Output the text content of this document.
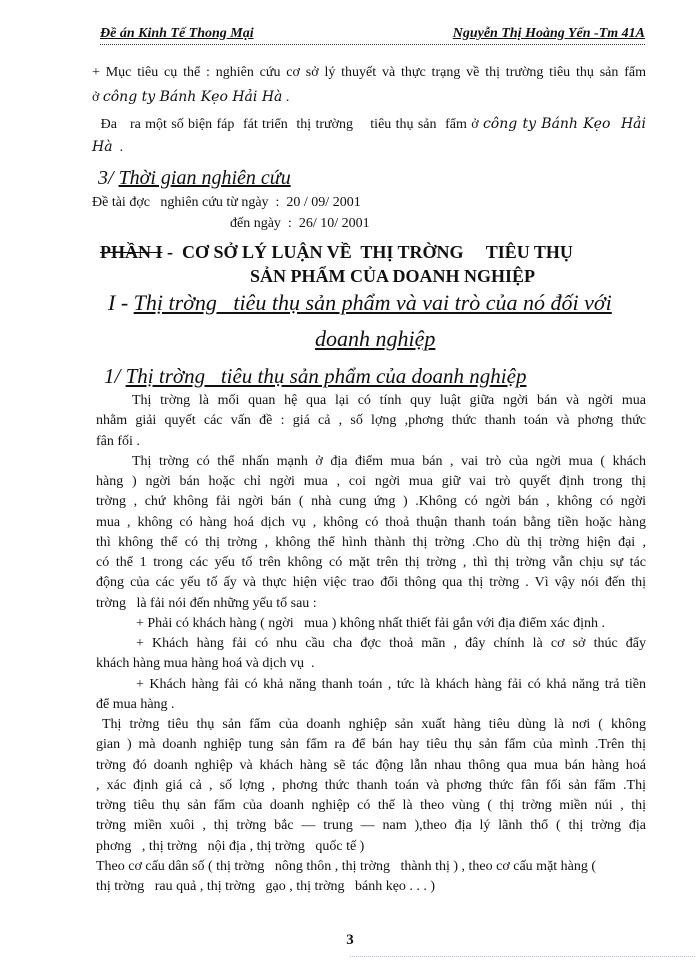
Đề án Kinh Tế Thong Mại	Nguyễn Thị Hoàng Yến -Tm 41A
+ Mục tiêu cụ thể : nghiên cứu cơ sở lý thuyết và thực trạng về thị trường tiêu thụ sản fẩm
ở công ty Bánh Kẹo Hải Hà .
Đa   ra một số biện fáp  fát triển  thị trường    tiêu thụ sản  fẩm ở công ty Bánh Kẹo  Hải
Hà  .
3/ Thời gian nghiên cứu
Đề tài đợc   nghiên cứu từ ngày  :  20 / 09/ 2001
đến ngày  :  26/ 10/ 2001
PHẦN I -  CƠ SỞ LÝ LUẬN VỀ  THỊ TRỜNG     TIÊU THỤ
SẢN PHẨM CỦA DOANH NGHIỆP
I - Thị trờng   tiêu thụ sản phẩm và vai trò của nó đối với
doanh nghiệp
1/ Thị trờng   tiêu thụ sản phẩm của doanh nghiệp
Thị trờng là mối quan hệ qua lại có tính quy luật giữa ngời bán và ngời mua
nhằm giải quyết các vấn đề : giá cả , số lợng ,phơng thức thanh toán và phơng thức
fân fối .
Thị trờng có thể nhấn mạnh ở địa điểm mua bán , vai trò của ngời mua ( khách
hàng ) ngời bán hoặc chỉ ngời mua , coi ngời mua giữ vai trò quyết định trong thị
trờng , chứ không fải ngời bán ( nhà cung ứng ) .Không có ngời bán , không có ngời
mua , không có hàng hoá dịch vụ , không có thoả thuận thanh toán bằng tiền hoặc hàng
thì không thể có thị trờng , không thể hình thành thị trờng .Cho dù thị trờng hiện đại ,
có thể 1 trong các yếu tố trên không có mặt trên thị trờng , thì thị trờng vẫn chịu sự tác
động của các yếu tố ấy và thực hiện việc trao đổi thông qua thị trờng . Vì vậy nói đến thị
trờng   là fải nói đến những yếu tố sau :
+ Phải có khách hàng ( ngời   mua ) không nhất thiết fải gắn với địa điểm xác định .
+ Khách hàng fải có nhu cầu cha đợc thoả mãn , đây chính là cơ sở thúc đẩy
khách hàng mua hàng hoá và dịch vụ  .
+ Khách hàng fải có khả năng thanh toán , tức là khách hàng fải có khả năng trả tiền
để mua hàng .
Thị trờng tiêu thụ sản fẩm của doanh nghiệp sản xuất hàng tiêu dùng là nơi ( không
gian ) mà doanh nghiệp tung sản fẩm ra để bán hay tiêu thụ sản fẩm của mình .Trên thị
trờng đó doanh nghiệp và khách hàng sẽ tác động lẫn nhau thông qua mua bán hàng hoá
, xác định giá cả , số lợng , phơng thức thanh toán và phơng thức fân fối sản fẩm .Thị
trờng tiêu thụ sản fẩm của doanh nghiệp có thể là theo vùng ( thị trờng miền núi , thị
trờng miền xuôi , thị trờng bắc — trung — nam ),theo địa lý lãnh thổ ( thị trờng địa
phơng   , thị trờng   nội địa , thị trờng   quốc tế )
Theo cơ cấu dân số ( thị trờng   nông thôn , thị trờng   thành thị ) , theo cơ cấu mặt hàng (
thị trờng   rau quả , thị trờng   gạo , thị trờng   bánh kẹo . . . )
3
